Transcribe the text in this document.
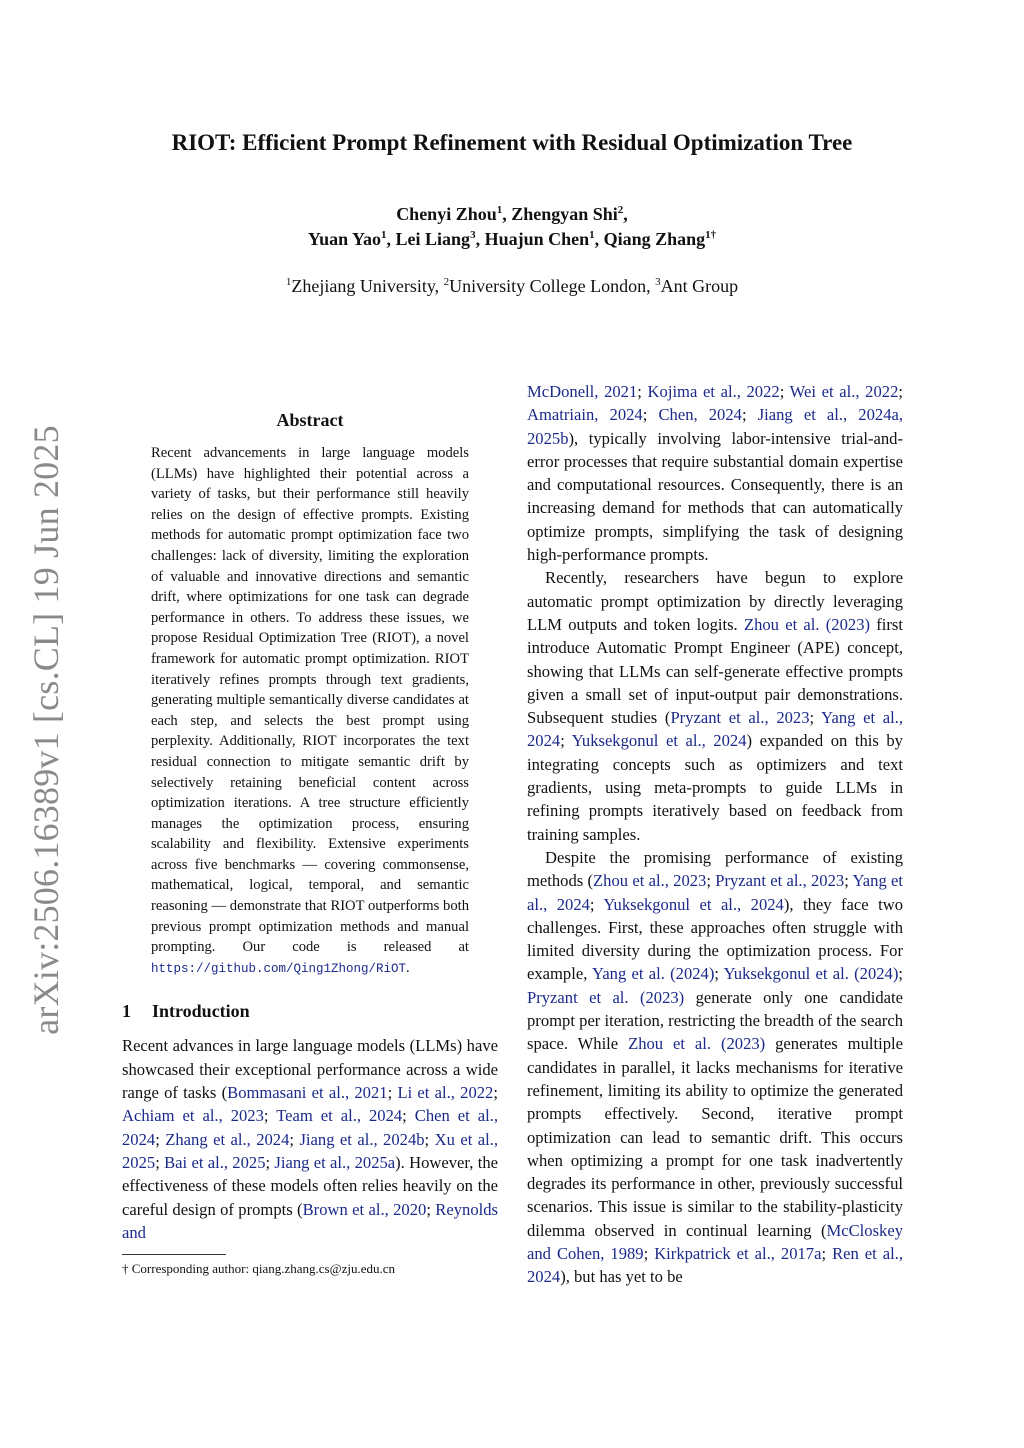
arXiv:2506.16389v1 [cs.CL] 19 Jun 2025
RIOT: Efficient Prompt Refinement with Residual Optimization Tree
Chenyi Zhou$^1$, Zhengyan Shi$^2$,
Yuan Yao$^1$, Lei Liang$^3$, Huajun Chen$^1$, Qiang Zhang$^{1\dagger}$
$^1$Zhejiang University, $^2$University College London, $^3$Ant Group
Abstract

Recent advancements in large language models (LLMs) have highlighted their potential across a variety of tasks, but their performance still heavily relies on the design of effective prompts. Existing methods for automatic prompt optimization face two challenges: lack of diversity, limiting the exploration of valuable and innovative directions and semantic drift, where optimizations for one task can degrade performance in others. To address these issues, we propose Residual Optimization Tree (RIOT), a novel framework for automatic prompt optimization. RIOT iteratively refines prompts through text gradients, generating multiple semantically diverse candidates at each step, and selects the best prompt using perplexity. Additionally, RIOT incorporates the text residual connection to mitigate semantic drift by selectively retaining beneficial content across optimization iterations. A tree structure efficiently manages the optimization process, ensuring scalability and flexibility. Extensive experiments across five benchmarks — covering commonsense, mathematical, logical, temporal, and semantic reasoning — demonstrate that RIOT outperforms both previous prompt optimization methods and manual prompting. Our code is released at https://github.com/Qing1Zhong/RiOT.

1 Introduction

Recent advances in large language models (LLMs) have showcased their exceptional performance across a wide range of tasks (Bommasani et al., 2021; Li et al., 2022; Achiam et al., 2023; Team et al., 2024; Chen et al., 2024; Zhang et al., 2024; Jiang et al., 2024b; Xu et al., 2025; Bai et al., 2025; Jiang et al., 2025a). However, the effectiveness of these models often relies heavily on the careful design of prompts (Brown et al., 2020; Reynolds and

† Corresponding author: qiang.zhang.cs@zju.edu.cn

McDonell, 2021; Kojima et al., 2022; Wei et al., 2022; Amatriain, 2024; Chen, 2024; Jiang et al., 2024a, 2025b), typically involving labor-intensive trial-and-error processes that require substantial domain expertise and computational resources. Consequently, there is an increasing demand for methods that can automatically optimize prompts, simplifying the task of designing high-performance prompts.

Recently, researchers have begun to explore automatic prompt optimization by directly leveraging LLM outputs and token logits. Zhou et al. (2023) first introduce Automatic Prompt Engineer (APE) concept, showing that LLMs can self-generate effective prompts given a small set of input-output pair demonstrations. Subsequent studies (Pryzant et al., 2023; Yang et al., 2024; Yuksekgonul et al., 2024) expanded on this by integrating concepts such as optimizers and text gradients, using meta-prompts to guide LLMs in refining prompts iteratively based on feedback from training samples.

Despite the promising performance of existing methods (Zhou et al., 2023; Pryzant et al., 2023; Yang et al., 2024; Yuksekgonul et al., 2024), they face two challenges. First, these approaches often struggle with limited diversity during the optimization process. For example, Yang et al. (2024); Yuksekgonul et al. (2024); Pryzant et al. (2023) generate only one candidate prompt per iteration, restricting the breadth of the search space. While Zhou et al. (2023) generates multiple candidates in parallel, it lacks mechanisms for iterative refinement, limiting its ability to optimize the generated prompts effectively. Second, iterative prompt optimization can lead to semantic drift. This occurs when optimizing a prompt for one task inadvertently degrades its performance in other, previously successful scenarios. This issue is similar to the stability-plasticity dilemma observed in continual learning (McCloskey and Cohen, 1989; Kirkpatrick et al., 2017a; Ren et al., 2024), but has yet to be
